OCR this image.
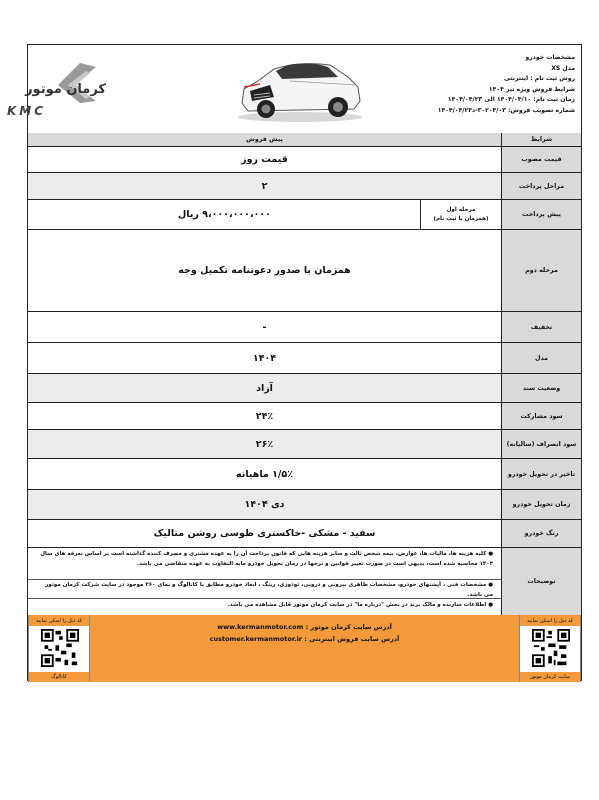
مشخصات خودرو
مدل XS
روش ثبت نام : اینترنتی
شرایط فروش ویژه تیر ۱۴۰۴
زمان ثبت نام: ۱۴۰۴/۰۴/۱۰ الی ۱۴۰۴/۰۴/۲۳
شماره تصویب فروش: ۳۰۲۰۴/۰۳-د۱۴۰۴/۰۴/۲۴
KMC
کرمان موتور
شرایط
پیش فروش
قیمت مصوب
قیمت روز
مراحل پرداخت
۲
پیش پرداخت
مرحله اول
(همزمان با ثبت نام)
۹،۰۰۰،۰۰۰،۰۰۰ ریال
مرحله دوم
همزمان با صدور دعوتنامه تکمیل وجه
تخفیف
-
مدل
۱۴۰۴
وضعیت سند
آزاد
سود مشارکت
۲۴٪
سود انصراف (سالیانه)
۲۶٪
تاخیر در تحویل خودرو
۱/۵٪ ماهیانه
زمان تحویل خودرو
دی ۱۴۰۴
رنگ خودرو
سفید - مشکی -خاکستری طوسی روشن متالیک
توضیحات
● کلیه هزینه ها، مالیات ها، عوارض، بیمه شخص ثالث و سایر هزینه هایی که قانون پرداخت آن را به عهده مشتری و مصرف کننده گذاشته است بر اساس تعرفه های سال ۱۴۰۴ محاسبه شده است، بدیهی است در صورت تغییر قوانین و نرخها در زمان تحویل خودرو مابه التفاوت به عهده متقاضی می باشد.
● مشخصات فنی ، آپشنهای خودرو، مشخصات ظاهری بیرونی و درونی، تودوزی، رینگ ، ابعاد خودرو مطابق با کاتالوگ و نمای ۳۶۰ موجود در سایت شرکت کرمان موتور می باشد.
● اطلاعات سازنده و مالک برند در بخش "درباره ما" در سایت کرمان موتور قابل مشاهده می باشد.
کد ذیل را اسکن نمایید
سایت کرمان موتور
آدرس سایت کرمان موتور : www.kermanmotor.com
آدرس سایت فروش اینترنتی : customer.kermanmotor.ir
کد ذیل را اسکن نمایید
کاتالوگ
